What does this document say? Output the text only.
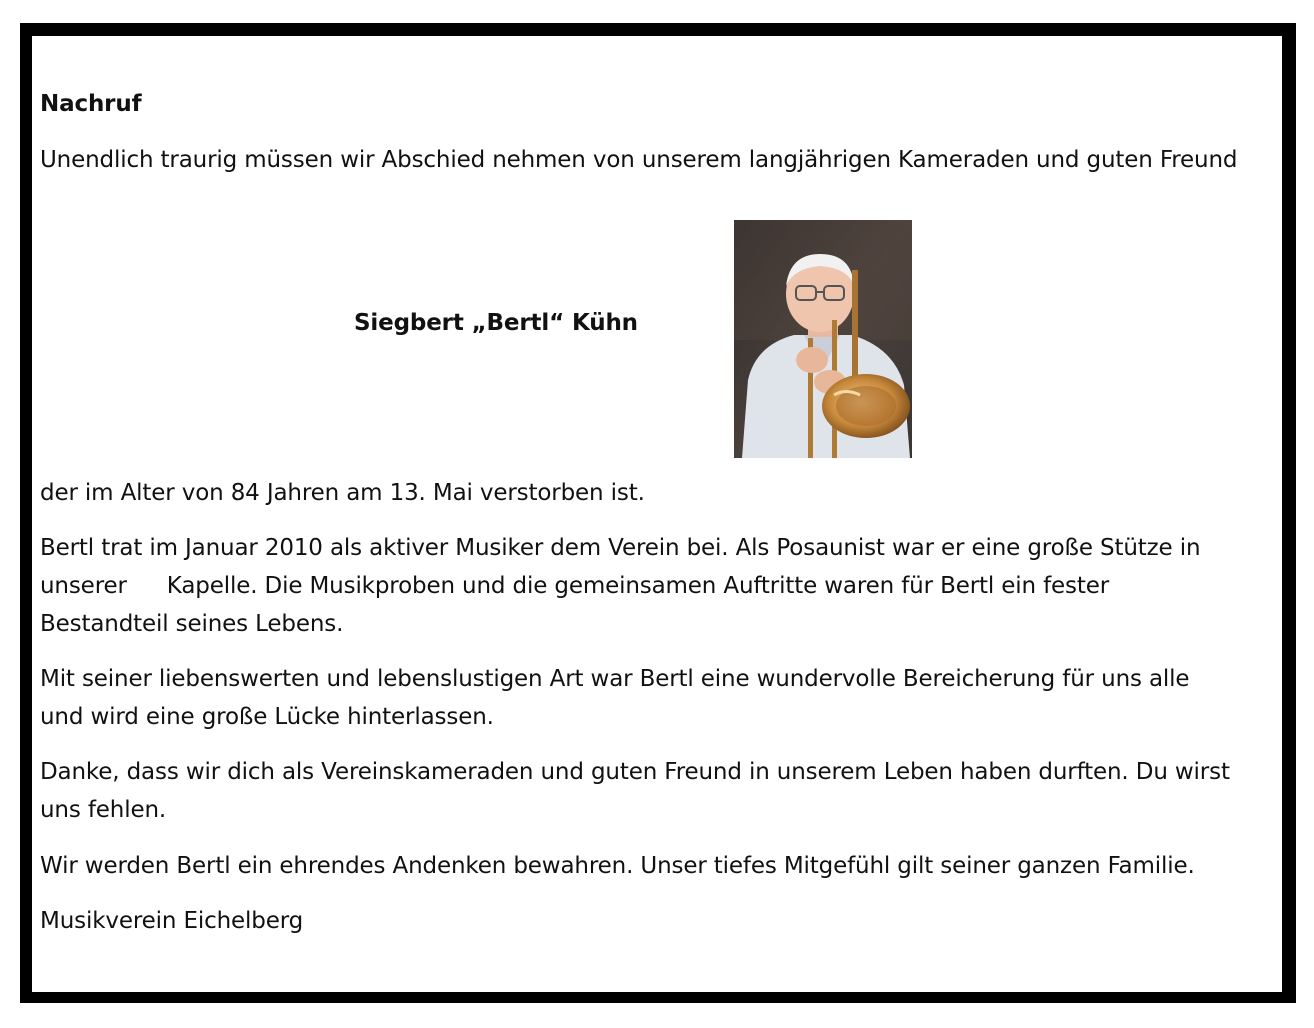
Nachruf
Unendlich traurig müssen wir Abschied nehmen von unserem langjährigen Kameraden und guten Freund
Siegbert „Bertl“ Kühn
der im Alter von 84 Jahren am 13. Mai verstorben ist.
Bertl trat im Januar 2010 als aktiver Musiker dem Verein bei. Als Posaunist war er eine große Stütze in
unserer Kapelle. Die Musikproben und die gemeinsamen Auftritte waren für Bertl ein fester
Bestandteil seines Lebens.
Mit seiner liebenswerten und lebenslustigen Art war Bertl eine wundervolle Bereicherung für uns alle
und wird eine große Lücke hinterlassen.
Danke, dass wir dich als Vereinskameraden und guten Freund in unserem Leben haben durften. Du wirst
uns fehlen.
Wir werden Bertl ein ehrendes Andenken bewahren. Unser tiefes Mitgefühl gilt seiner ganzen Familie.
Musikverein Eichelberg
